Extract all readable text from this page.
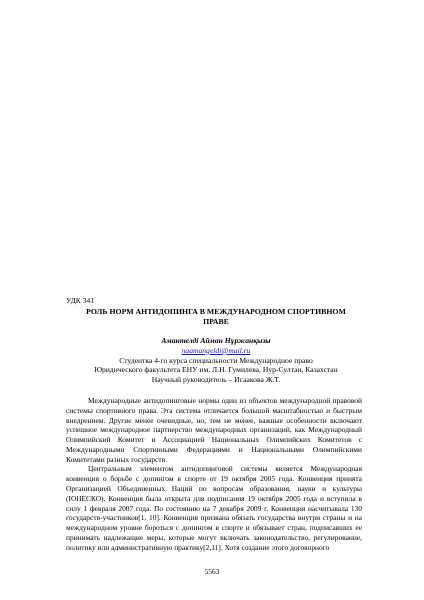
УДК 341
РОЛЬ НОРМ АНТИДОПИНГА В МЕЖДУНАРОДНОМ СПОРТИВНОМ
ПРАВЕ
Амантелді Айман Нұржанқызы
naamangeldi@mail.ru
Студентка 4-го курса специальности Международное право
Юридического факультета ЕНУ им. Л.Н. Гумилева, Нур-Султан, Казахстан
Научный руководитель – Исаакова Ж.Т.

Международные антидопинговые нормы один из объектов международной правовой системы спортивного права. Эта система отличается большой масштабностью и быстрым внедрением. Другие менее очевидные, но, тем не менее, важные особенности включают успешное международное партнерство международных организаций, как Международный Олимпийский Комитет и Ассоциацией Национальных Олимпийских Комитетов с Международными Спортивными Федерациями и Национальными Олимпийскими Комитетами разных государств.

Центральным элементом антидопинговой системы является Международная конвенция о борьбе с допингом в спорте от 19 октября 2005 года. Конвенция принята Организацией Объединенных Наций по вопросам образования, науки и культуры (ЮНЕСКО), Конвенция была открыта для подписания 19 октября 2005 года и вступила в силу 1 февраля 2007 года. По состоянию на 7 декабря 2009 г. Конвенция насчитывала 130 государств-участников[1, 10]. Конвенция призвана обязать государства внутри страны и на международном уровне бороться с допингом в спорте и обязывает стран, подписавших ее принимать надлежащие меры, которые могут включать законодательство, регулирование, политику или административную практику[2,11]. Хотя создание этого договорного

5563
